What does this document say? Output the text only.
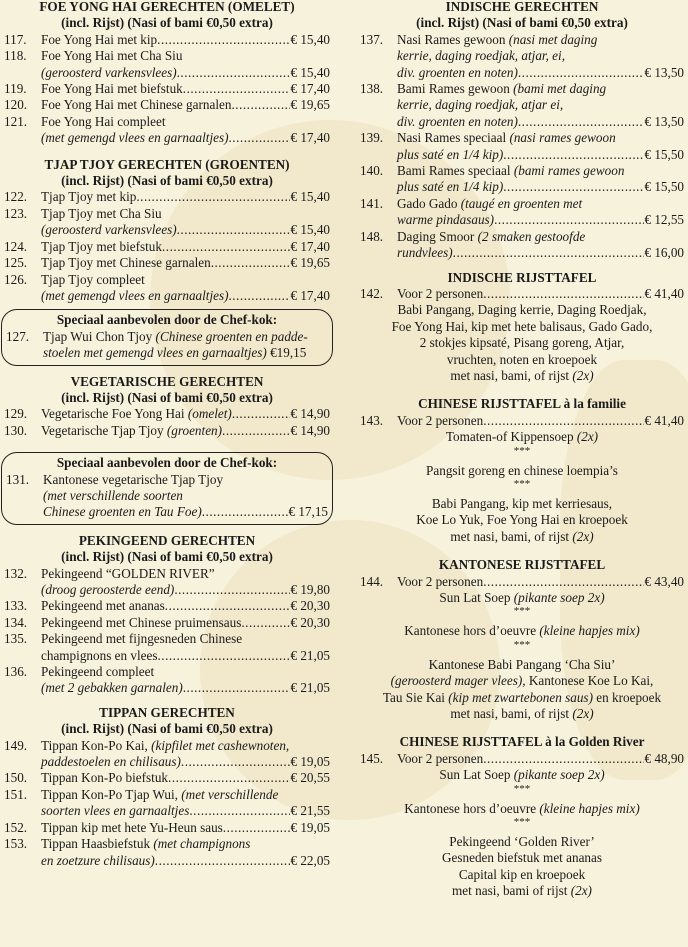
FOE YONG HAI GERECHTEN (OMELET)
(incl. Rijst) (Nasi of bami €0,50 extra)
117.	Foe Yong Hai met kip .....	€ 15,40
118.	Foe Yong Hai met Cha Siu
(geroosterd varkensvlees) .....	€ 15,40
119.	Foe Yong Hai met biefstuk .....	€ 17,40
120.	Foe Yong Hai met Chinese garnalen .....	€ 19,65
121.	Foe Yong Hai compleet
(met gemengd vlees en garnaaltjes) .....	€ 17,40
TJAP TJOY GERECHTEN (GROENTEN)
(incl. Rijst) (Nasi of bami €0,50 extra)
122.	Tjap Tjoy met kip .....	€ 15,40
123.	Tjap Tjoy met Cha Siu
(geroosterd varkensvlees) .....	€ 15,40
124.	Tjap Tjoy met biefstuk .....	€ 17,40
125.	Tjap Tjoy met Chinese garnalen .....	€ 19,65
126.	Tjap Tjoy compleet
(met gemengd vlees en garnaaltjes) .....	€ 17,40
Speciaal aanbevolen door de Chef-kok:
127.	Tjap Wui Chon Tjoy
(Chinese groenten en padde-
stoelen met gemengd vlees en garnaaltjes)
€19,15
VEGETARISCHE GERECHTEN
(incl. Rijst) (Nasi of bami €0,50 extra)
129.	Vegetarische Foe Yong Hai
(omelet) .....	€ 14,90
130.	Vegetarische Tjap Tjoy
(groenten) .....	€ 14,90
Speciaal aanbevolen door de Chef-kok:
131.	Kantonese vegetarische Tjap Tjoy
(met verschillende soorten
Chinese groenten en Tau Foe) .....	€ 17,15
PEKINGEEND GERECHTEN
(incl. Rijst) (Nasi of bami €0,50 extra)
132.	Pekingeend “GOLDEN RIVER”
(droog geroosterde eend) .....	€ 19,80
133.	Pekingeend met ananas .....	€ 20,30
134.	Pekingeend met Chinese pruimensaus .....	€ 20,30
135.	Pekingeend met fijngesneden Chinese
champignons en vlees .....	€ 21,05
136.	Pekingeend compleet
(met 2 gebakken garnalen) .....	€ 21,05
TIPPAN GERECHTEN
(incl. Rijst) (Nasi of bami €0,50 extra)
149.	Tippan Kon-Po Kai,
(kipfilet met cashewnoten,
paddestoelen en chilisaus) .....	€ 19,05
150.	Tippan Kon-Po biefstuk .....	€ 20,55
151.	Tippan Kon-Po Tjap Wui,
(met verschillende
soorten vlees en garnaaltjes .....	€ 21,55
152.	Tippan kip met hete Yu-Heun saus .....	€ 19,05
153.	Tippan Haasbiefstuk
(met champignons
en zoetzure chilisaus) .....	€ 22,05
INDISCHE GERECHTEN
(incl. Rijst) (Nasi of bami €0,50 extra)
137.	Nasi Rames gewoon
(nasi met daging
kerrie, daging roedjak, atjar, ei,
div. groenten en noten) .....	€ 13,50
138.	Bami Rames gewoon
(bami met daging
kerrie, daging roedjak, atjar ei,
div. groenten en noten) .....	€ 13,50
139.	Nasi Rames speciaal
(nasi rames gewoon
plus saté en 1/4 kip) .....	€ 15,50
140.	Bami Rames speciaal
(bami rames gewoon
plus saté en 1/4 kip) .....	€ 15,50
141.	Gado Gado
(taugé en groenten met
warme pindasaus) .....	€ 12,55
148.	Daging Smoor
(2 smaken gestoofde
rundvlees) .....	€ 16,00
INDISCHE RIJSTTAFEL
142.	Voor 2 personen .....	€ 41,40
Babi Pangang, Daging kerrie, Daging Roedjak,
Foe Yong Hai, kip met hete balisaus, Gado Gado,
2 stokjes kipsaté, Pisang goreng, Atjar,
vruchten, noten en kroepoek
met nasi, bami, of rijst (2x)
CHINESE RIJSTTAFEL à la familie
143.	Voor 2 personen .....	€ 41,40
Tomaten-of Kippensoep (2x)
***
Pangsit goreng en chinese loempia’s
***
Babi Pangang, kip met kerriesaus,
Koe Lo Yuk, Foe Yong Hai en kroepoek
met nasi, bami, of rijst (2x)
KANTONESE RIJSTTAFEL
144.	Voor 2 personen .....	€ 43,40
Sun Lat Soep (pikante soep 2x)
***
Kantonese hors d’oeuvre (kleine hapjes mix)
***
Kantonese Babi Pangang ‘Cha Siu’
(geroosterd mager vlees), Kantonese Koe Lo Kai,
Tau Sie Kai (kip met zwartebonen saus) en kroepoek
met nasi, bami, of rijst (2x)
CHINESE RIJSTTAFEL à la Golden River
145.	Voor 2 personen .....	€ 48,90
Sun Lat Soep (pikante soep 2x)
***
Kantonese hors d’oeuvre (kleine hapjes mix)
***
Pekingeend ‘Golden River’
Gesneden biefstuk met ananas
Capital kip en kroepoek
met nasi, bami of rijst (2x)
